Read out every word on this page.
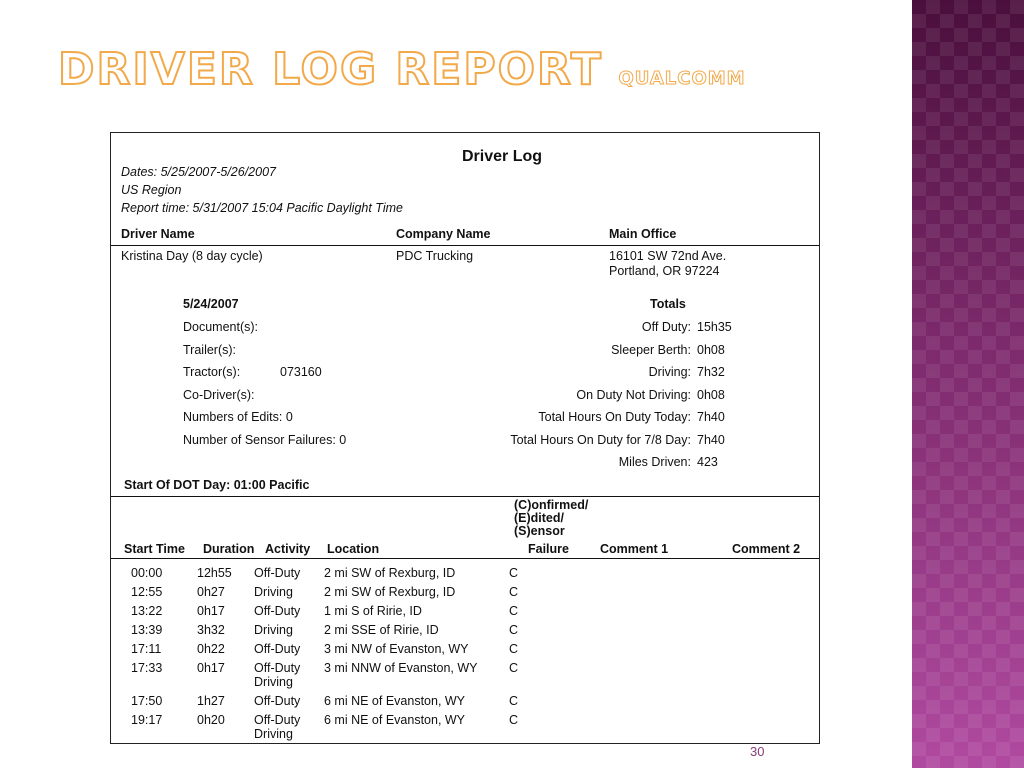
DRIVER LOG REPORT QUALCOMM
Driver Log
Dates: 5/25/2007-5/26/2007
US Region
Report time: 5/31/2007 15:04 Pacific Daylight Time
Driver Name	Company Name	Main Office
Kristina Day (8 day cycle)	PDC Trucking	16101 SW 72nd Ave.
Portland, OR 97224
5/24/2007	Totals
Document(s):
Trailer(s):
Tractor(s):	073160
Co-Driver(s):
Numbers of Edits: 0
Number of Sensor Failures: 0
Off Duty: 15h35
Sleeper Berth: 0h08
Driving: 7h32
On Duty Not Driving: 0h08
Total Hours On Duty Today: 7h40
Total Hours On Duty for 7/8 Day: 7h40
Miles Driven: 423
Start Of DOT Day: 01:00 Pacific
(C)onfirmed/
(E)dited/
(S)ensor
Start Time Duration Activity Location	Failure Comment 1	Comment 2
00:00	12h55	Off-Duty	2 mi SW of Rexburg, ID	C
12:55	0h27	Driving	2 mi SW of Rexburg, ID	C
13:22	0h17	Off-Duty	1 mi S of Ririe, ID	C
13:39	3h32	Driving	2 mi SSE of Ririe, ID	C
17:11	0h22	Off-Duty	3 mi NW of Evanston, WY	C
17:33	0h17	Off-Duty
Driving	3 mi NNW of Evanston, WY	C
17:50	1h27	Off-Duty	6 mi NE of Evanston, WY	C
19:17	0h20	Off-Duty
Driving	6 mi NE of Evanston, WY	C
30
